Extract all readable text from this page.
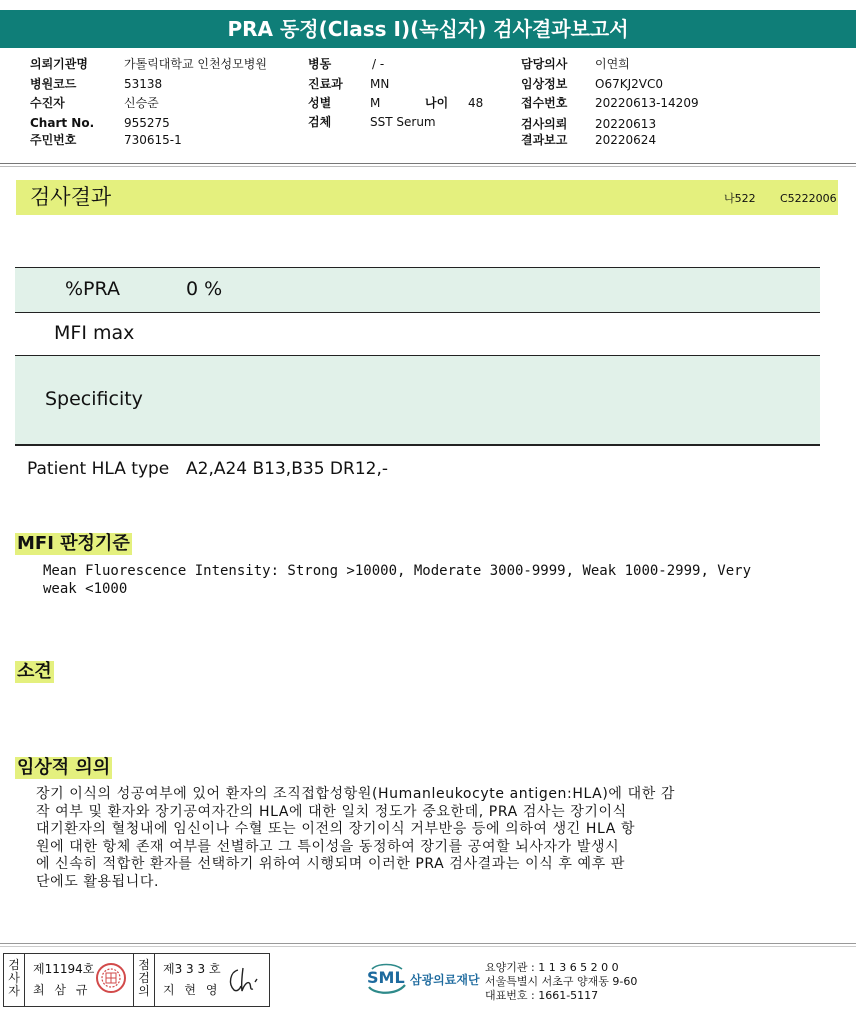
PRA 동정(Class I)(녹십자) 검사결과보고서
의뢰기관명	가톨릭대학교 인천성모병원
병원코드	53138
수진자	신승준
Chart No. 955275
주민번호	730615-1
병동	/ -
진료과 MN
성별	M	나이 48
검체	SST Serum
담당의사 이연희
임상정보 O67KJ2VC0
접수번호 20220613-14209
검사의뢰 20220613
결과보고 20220624
검사결과	나522 C5222006
%PRA	0 %
MFI max
Specificity
Patient HLA type A2,A24 B13,B35 DR12,-
MFI 판정기준
Mean Fluorescence Intensity: Strong >10000, Moderate 3000-9999, Weak 1000-2999, Very
weak <1000
소견
임상적 의의
장기 이식의 성공여부에 있어 환자의 조직접합성항원(Humanleukocyte antigen:HLA)에 대한 감
작 여부 및 환자와 장기공여자간의 HLA에 대한 일치 정도가 중요한데, PRA 검사는 장기이식
대기환자의 혈청내에 임신이나 수혈 또는 이전의 장기이식 거부반응 등에 의하여 생긴 HLA 항
원에 대한 항체 존재 여부를 선별하고 그 특이성을 동정하여 장기를 공여할 뇌사자가 발생시
에 신속히 적합한 환자를 선택하기 위하여 시행되며 이러한 PRA 검사결과는 이식 후 예후 판
단에도 활용됩니다.
검
사
자
제11194호
최 삼 규
점
검
의
제3 3 3 호
지 현 영
SML 삼광의료재단
요양기관 : 1 1 3 6 5 2 0 0
서울특별시 서초구 양재동 9-60
대표번호 : 1661-5117
